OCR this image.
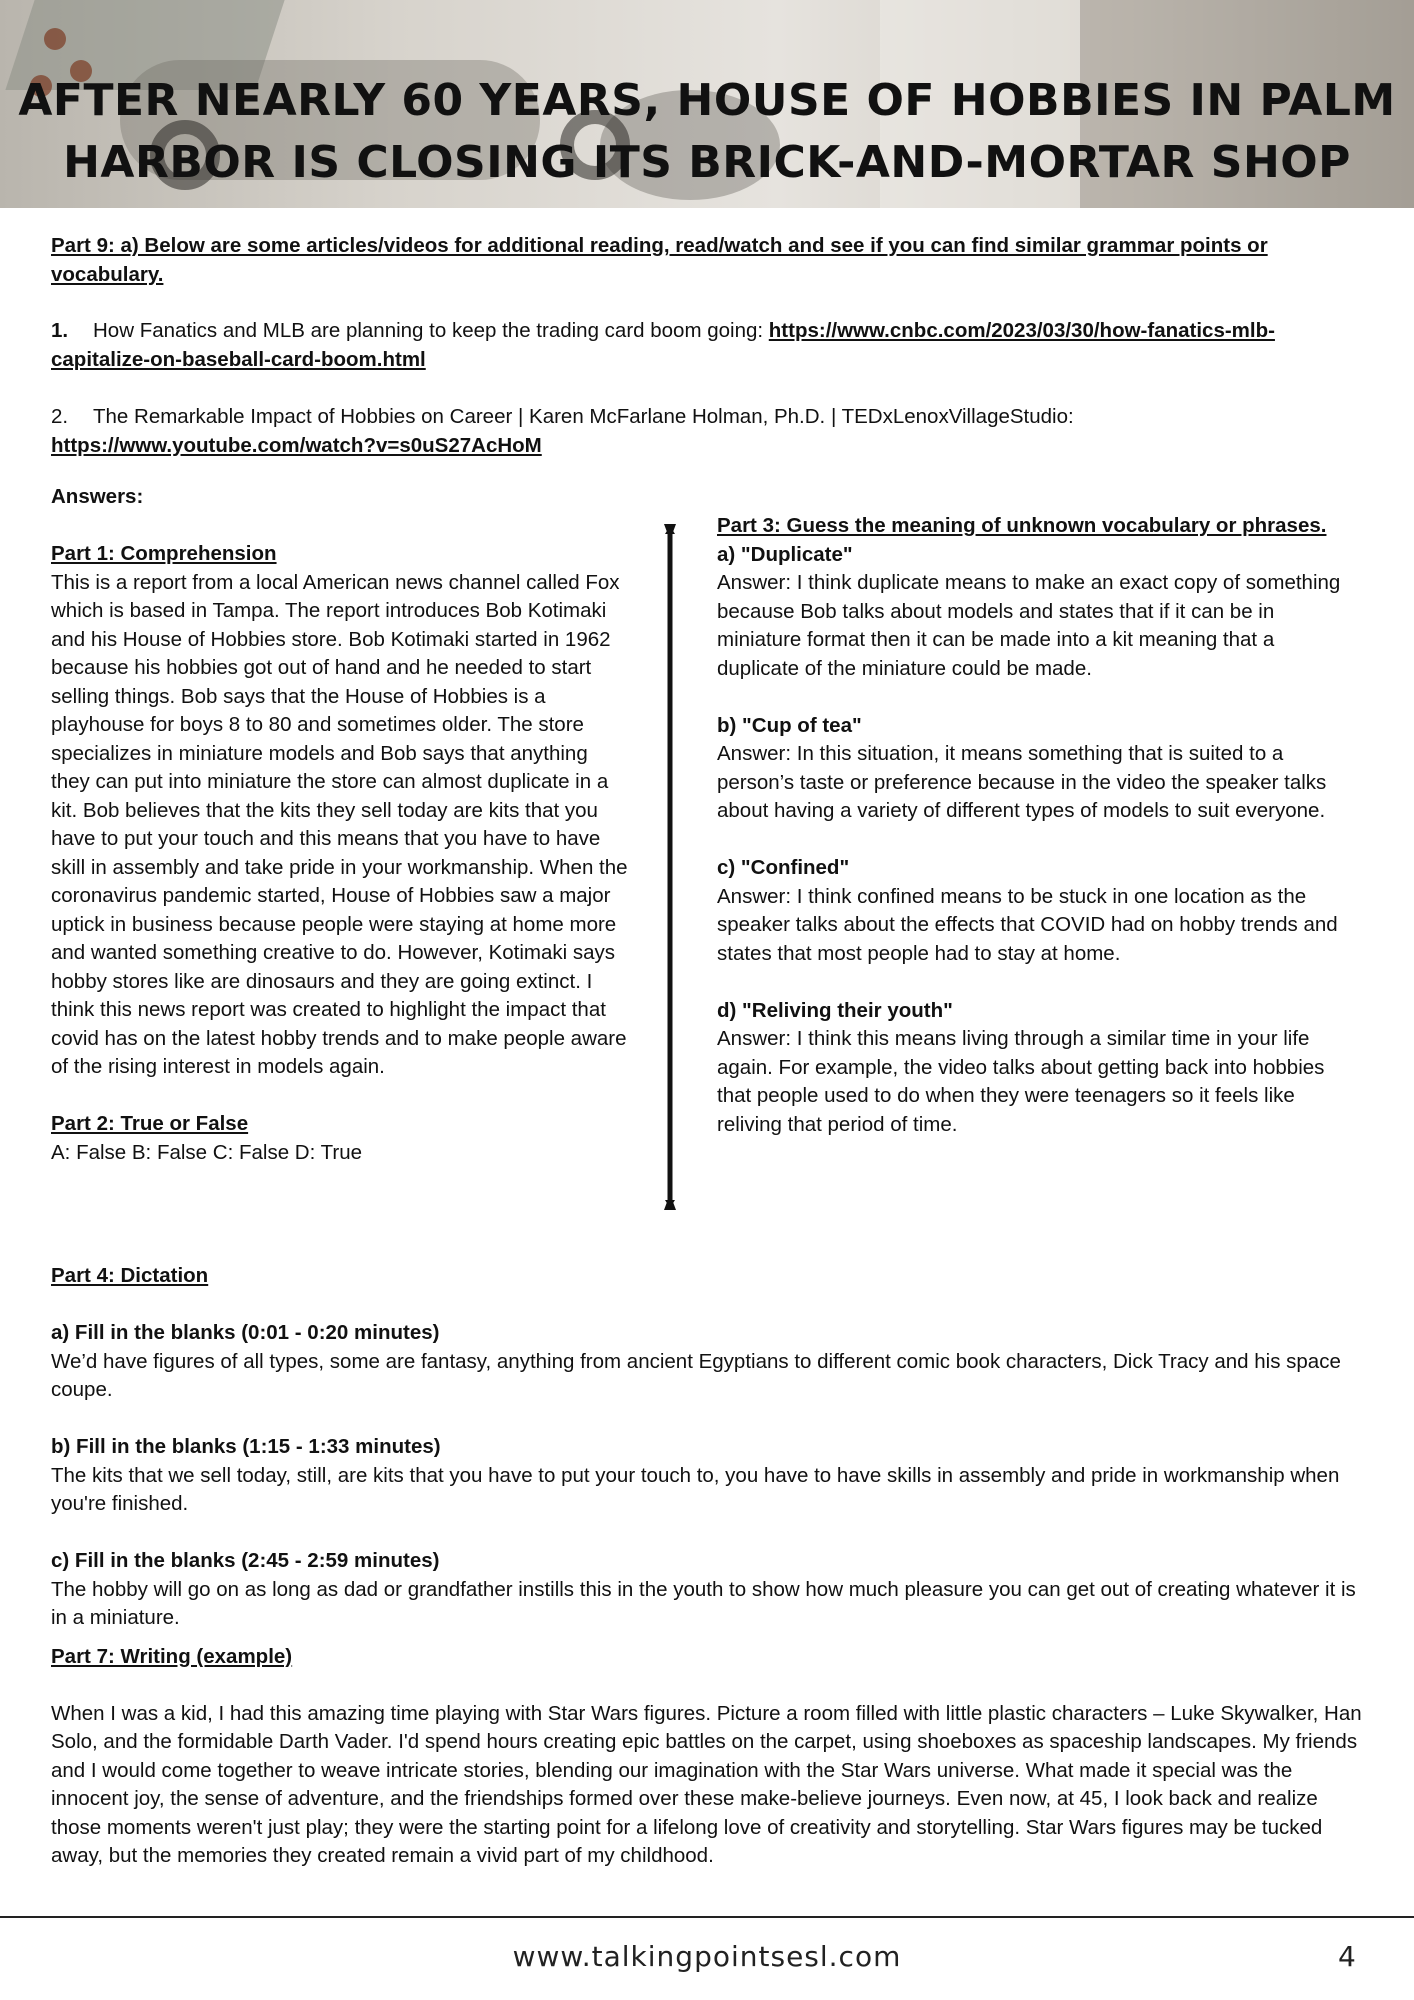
AFTER NEARLY 60 YEARS, HOUSE OF HOBBIES IN PALM
HARBOR IS CLOSING ITS BRICK-AND-MORTAR SHOP
Part 9: a) Below are some articles/videos for additional reading, read/watch and see if you can find similar grammar points or vocabulary.
1. How Fanatics and MLB are planning to keep the trading card boom going: https://www.cnbc.com/2023/03/30/how-fanatics-mlb-capitalize-on-baseball-card-boom.html
2. The Remarkable Impact of Hobbies on Career | Karen McFarlane Holman, Ph.D. | TEDxLenoxVillageStudio:
https://www.youtube.com/watch?v=s0uS27AcHoM
Answers:
Part 1: Comprehension
This is a report from a local American news channel called Fox which is based in Tampa. The report introduces Bob Kotimaki and his House of Hobbies store. Bob Kotimaki started in 1962 because his hobbies got out of hand and he needed to start selling things. Bob says that the House of Hobbies is a playhouse for boys 8 to 80 and sometimes older. The store specializes in miniature models and Bob says that anything they can put into miniature the store can almost duplicate in a kit. Bob believes that the kits they sell today are kits that you have to put your touch and this means that you have to have skill in assembly and take pride in your workmanship. When the coronavirus pandemic started, House of Hobbies saw a major uptick in business because people were staying at home more and wanted something creative to do. However, Kotimaki says hobby stores like are dinosaurs and they are going extinct. I think this news report was created to highlight the impact that covid has on the latest hobby trends and to make people aware of the rising interest in models again.
Part 2: True or False
A: False B: False C: False D: True
Part 3: Guess the meaning of unknown vocabulary or phrases.
a) "Duplicate"
Answer: I think duplicate means to make an exact copy of something because Bob talks about models and states that if it can be in miniature format then it can be made into a kit meaning that a duplicate of the miniature could be made.
b) "Cup of tea"
Answer: In this situation, it means something that is suited to a person’s taste or preference because in the video the speaker talks about having a variety of different types of models to suit everyone.
c) "Confined"
Answer: I think confined means to be stuck in one location as the speaker talks about the effects that COVID had on hobby trends and states that most people had to stay at home.
d) "Reliving their youth"
Answer: I think this means living through a similar time in your life again. For example, the video talks about getting back into hobbies that people used to do when they were teenagers so it feels like reliving that period of time.
Part 4: Dictation
a) Fill in the blanks (0:01 - 0:20 minutes)
We’d have figures of all types, some are fantasy, anything from ancient Egyptians to different comic book characters, Dick Tracy and his space coupe.
b) Fill in the blanks (1:15 - 1:33 minutes)
The kits that we sell today, still, are kits that you have to put your touch to, you have to have skills in assembly and pride in workmanship when you're finished.
c) Fill in the blanks (2:45 - 2:59 minutes)
The hobby will go on as long as dad or grandfather instills this in the youth to show how much pleasure you can get out of creating whatever it is in a miniature.
Part 7: Writing (example)
When I was a kid, I had this amazing time playing with Star Wars figures. Picture a room filled with little plastic characters – Luke Skywalker, Han Solo, and the formidable Darth Vader. I'd spend hours creating epic battles on the carpet, using shoeboxes as spaceship landscapes. My friends and I would come together to weave intricate stories, blending our imagination with the Star Wars universe. What made it special was the innocent joy, the sense of adventure, and the friendships formed over these make-believe journeys. Even now, at 45, I look back and realize those moments weren't just play; they were the starting point for a lifelong love of creativity and storytelling. Star Wars figures may be tucked away, but the memories they created remain a vivid part of my childhood.
www.talkingpointsesl.com	4
